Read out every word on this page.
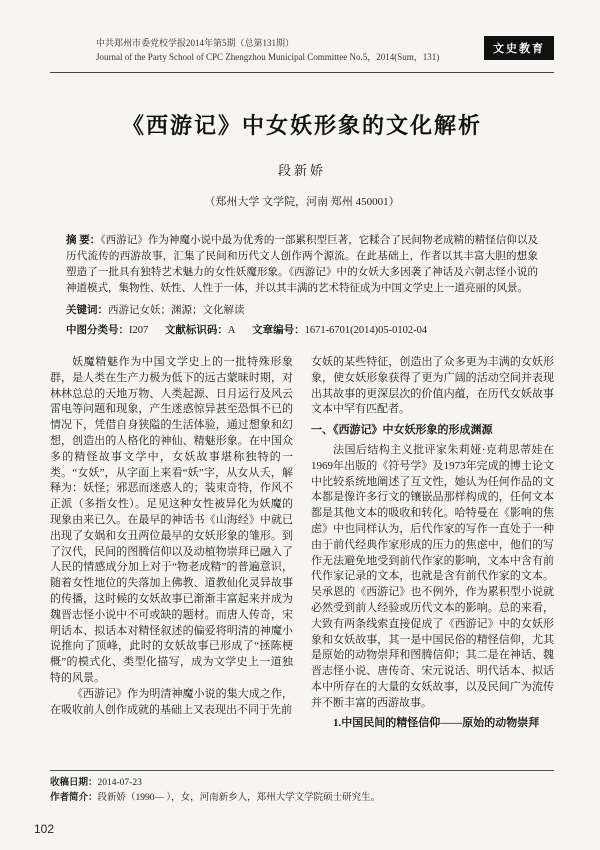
中共郑州市委党校学报2014年第5期（总第131期）
Journal of the Party School of CPC Zhengzhou Municipal Committee No.5，2014(Sum，131)
文史教育
《西游记》中女妖形象的文化解析
段新娇
（郑州大学 文学院，河南 郑州 450001）
摘 要：《西游记》作为神魔小说中最为优秀的一部累积型巨著，它糅合了民间物老成精的精怪信仰以及历代流传的西游故事，汇集了民间和历代文人创作两个源流。在此基础上，作者以其丰富大胆的想象塑造了一批具有独特艺术魅力的女性妖魔形象。《西游记》中的女妖大多因袭了神话及六朝志怪小说的神道模式，集物性、妖性、人性于一体，并以其丰满的艺术特征成为中国文学史上一道亮丽的风景。
关键词：西游记女妖；渊源；文化解读
中图分类号：I207 文献标识码：A 文章编号：1671-6701(2014)05-0102-04

妖魔精魅作为中国文学史上的一批特殊形象群，是人类在生产力极为低下的远古蒙昧时期，对林林总总的天地万物、人类起源、日月运行及风云雷电等问题和现象，产生迷惑惊异甚至恐惧不已的情况下，凭借自身狭隘的生活体验，通过想象和幻想，创造出的人格化的神仙、精魅形象。在中国众多的精怪故事文学中，女妖故事堪称独特的一类。“女妖”，从字面上来看“妖”字，从女从夭，解释为：妖怪；邪恶而迷惑人的；装束奇特，作风不正派（多指女性）。足见这种女性被异化为妖魔的现象由来已久。在最早的神话书《山海经》中就已出现了女娲和女丑两位最早的女妖形象的雏形。到了汉代，民间的图腾信仰以及动植物崇拜已融入了人民的情感成分加上对于“物老成精”的普遍意识，随着女性地位的失落加上佛教、道教仙化灵异故事的传播，这时候的女妖故事已渐渐丰富起来并成为魏晋志怪小说中不可或缺的题材。而唐人传奇，宋明话本、拟话本对精怪叙述的偏爱将明清的神魔小说推向了顶峰，此时的女妖故事已形成了“拯陈梗概”的模式化、类型化描写，成为文学史上一道独特的风景。

《西游记》作为明清神魔小说的集大成之作，在吸收前人创作成就的基础上又表现出不同于先前

女妖的某些特征，创造出了众多更为丰满的女妖形象，使女妖形象获得了更为广阔的活动空间并表现出其故事的更深层次的价值内蕴，在历代女妖故事文本中罕有匹配者。

一、《西游记》中女妖形象的形成渊源

法国后结构主义批评家朱莉娅·克莉思蒂娃在1969年出版的《符号学》及1973年完成的博士论文中比较系统地阐述了互文性，她认为任何作品的文本都是像许多行文的镶嵌品那样构成的，任何文本都是其他文本的吸收和转化。哈特曼在《影响的焦虑》中也同样认为，后代作家的写作一直处于一种由于前代经典作家形成的压力的焦虑中，他们的写作无法避免地受到前代作家的影响，文本中含有前代作家记录的文本，也就是含有前代作家的文本。吴承恩的《西游记》也不例外，作为累积型小说就必然受到前人经验或历代文本的影响。总的来看，大致有两条线索直接促成了《西游记》中的女妖形象和女妖故事，其一是中国民俗的精怪信仰，尤其是原始的动物崇拜和图腾信仰；其二是在神话、魏晋志怪小说、唐传奇、宋元说话、明代话本、拟话本中所存在的大量的女妖故事，以及民间广为流传并不断丰富的西游故事。

1.中国民间的精怪信仰——原始的动物崇拜
收稿日期：2014-07-23
作者简介：段新娇（1990— ），女，河南新乡人，郑州大学文学院硕士研究生。
102
